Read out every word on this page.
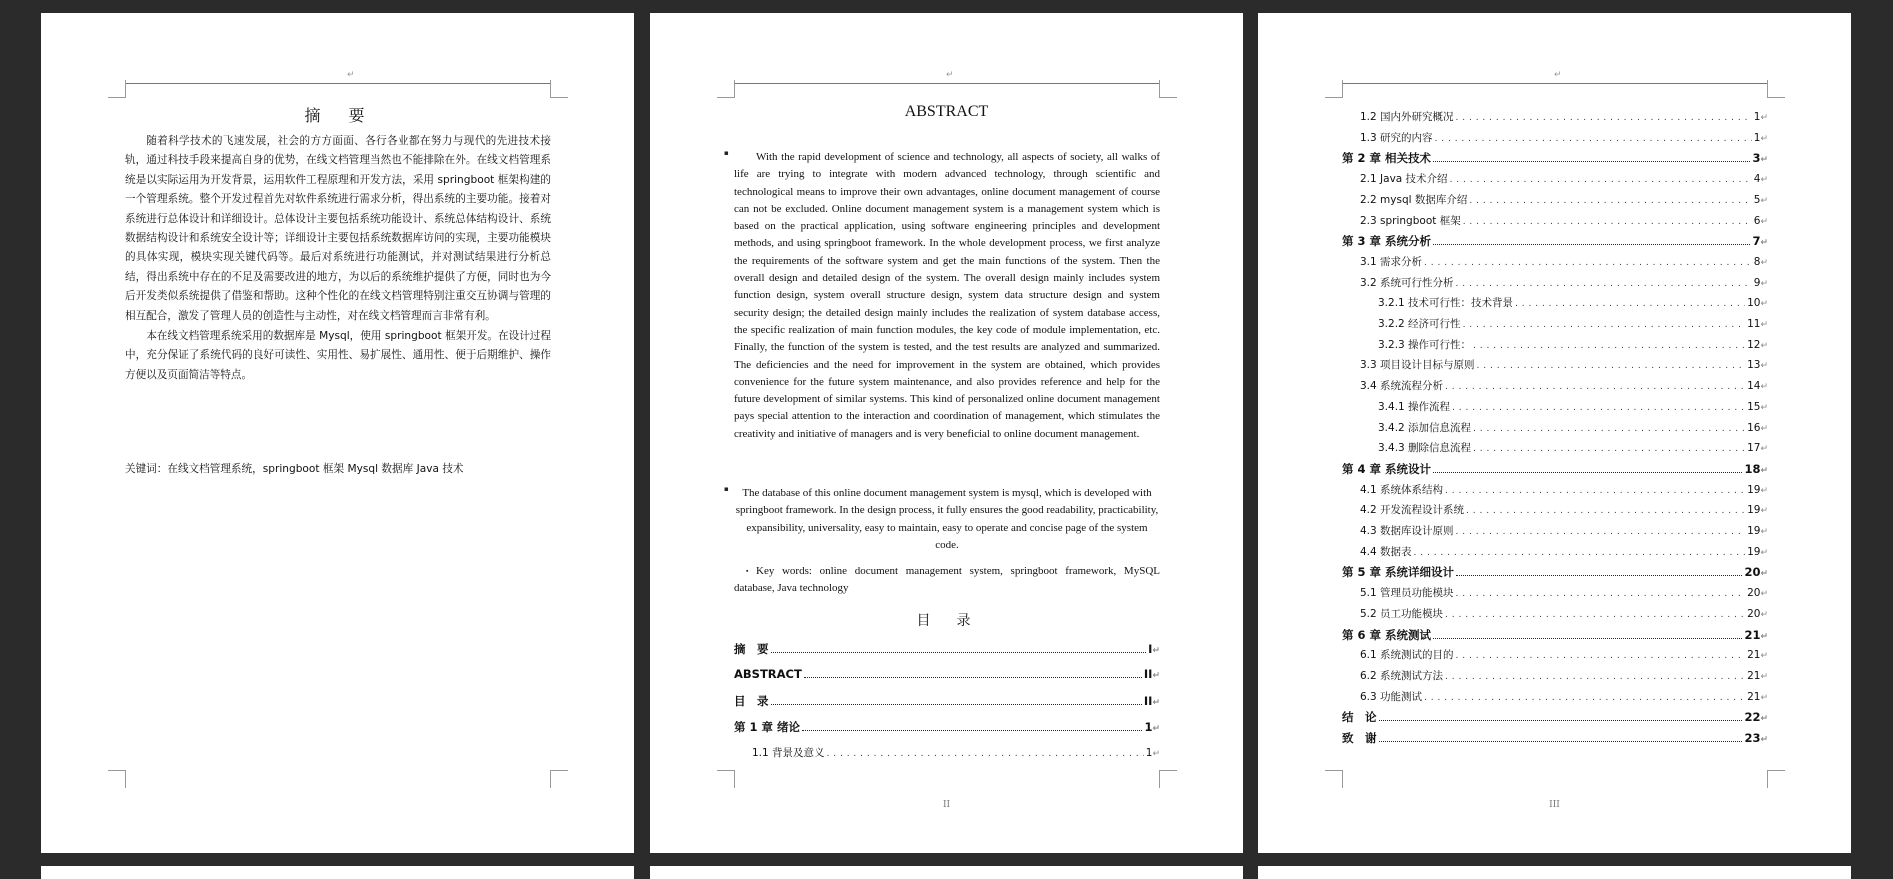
↵
▪ 摘　要

随着科学技术的飞速发展，社会的方方面面、各行各业都在努力与现代的先进技术接轨，通过科技手段来提高自身的优势，在线文档管理当然也不能排除在外。在线文档管理系统是以实际运用为开发背景，运用软件工程原理和开发方法，采用 springboot 框架构建的一个管理系统。整个开发过程首先对软件系统进行需求分析，得出系统的主要功能。接着对系统进行总体设计和详细设计。总体设计主要包括系统功能设计、系统总体结构设计、系统数据结构设计和系统安全设计等；详细设计主要包括系统数据库访问的实现，主要功能模块的具体实现，模块实现关键代码等。最后对系统进行功能测试，并对测试结果进行分析总结，得出系统中存在的不足及需要改进的地方，为以后的系统维护提供了方便，同时也为今后开发类似系统提供了借鉴和帮助。这种个性化的在线文档管理特别注重交互协调与管理的相互配合，激发了管理人员的创造性与主动性，对在线文档管理而言非常有利。

本在线文档管理系统采用的数据库是 Mysql，使用 springboot 框架开发。在设计过程中，充分保证了系统代码的良好可读性、实用性、易扩展性、通用性、便于后期维护、操作方便以及页面简洁等特点。

关键词：在线文档管理系统，springboot 框架 Mysql 数据库 Java 技术
↵
ABSTRACT

▪ With the rapid development of science and technology, all aspects of society, all walks of life are trying to integrate with modern advanced technology, through scientific and technological means to improve their own advantages, online document management of course can not be excluded. Online document management system is a management system which is based on the practical application, using software engineering principles and development methods, and using springboot framework. In the whole development process, we first analyze the requirements of the software system and get the main functions of the system. Then the overall design and detailed design of the system. The overall design mainly includes system function design, system overall structure design, system data structure design and system security design; the detailed design mainly includes the realization of system database access, the specific realization of main function modules, the key code of module implementation, etc. Finally, the function of the system is tested, and the test results are analyzed and summarized. The deficiencies and the need for improvement in the system are obtained, which provides convenience for the future system maintenance, and also provides reference and help for the future development of similar systems. This kind of personalized online document management pays special attention to the interaction and coordination of management, which stimulates the creativity and initiative of managers and is very beneficial to online document management.

▪ The database of this online document management system is mysql, which is developed with springboot framework. In the design process, it fully ensures the good readability, practicability, expansibility, universality, easy to maintain, easy to operate and concise page of the system code.

▪ Key words: online document management system, springboot framework, MySQL database, Java technology
▪ 目　录
摘　要	I ↵
ABSTRACT	II ↵
目　录	II ↵
第 1 章 绪论	1 ↵
1.1 背景及意义 . . .	1 ↵
II
↵
1.2 国内外研究概况 . . .	1 ↵
1.3 研究的内容 . . .	1 ↵
第 2 章 相关技术	3 ↵
2.1 Java 技术介绍 . . .	4 ↵
2.2 mysql 数据库介绍 . . .	5 ↵
2.3 springboot 框架 . . .	6 ↵
第 3 章 系统分析	7 ↵
3.1 需求分析 . . .	8 ↵
3.2 系统可行性分析 . . .	9 ↵
3.2.1 技术可行性：技术背景 . . .	10 ↵
3.2.2 经济可行性 . . .	11 ↵
3.2.3 操作可行性： . . .	12 ↵
3.3 项目设计目标与原则 . . .	13 ↵
3.4 系统流程分析 . . .	14 ↵
3.4.1 操作流程 . . .	15 ↵
3.4.2 添加信息流程 . . .	16 ↵
3.4.3 删除信息流程 . . .	17 ↵
第 4 章 系统设计	18 ↵
4.1 系统体系结构 . . .	19 ↵
4.2 开发流程设计系统 . . .	19 ↵
4.3 数据库设计原则 . . .	19 ↵
4.4 数据表 . . .	19 ↵
第 5 章 系统详细设计	20 ↵
5.1 管理员功能模块 . . .	20 ↵
5.2 员工功能模块 . . .	20 ↵
第 6 章 系统测试	21 ↵
6.1 系统测试的目的 . . .	21 ↵
6.2 系统测试方法 . . .	21 ↵
6.3 功能测试 . . .	21 ↵
结　论	22 ↵
致　谢	23 ↵
III
